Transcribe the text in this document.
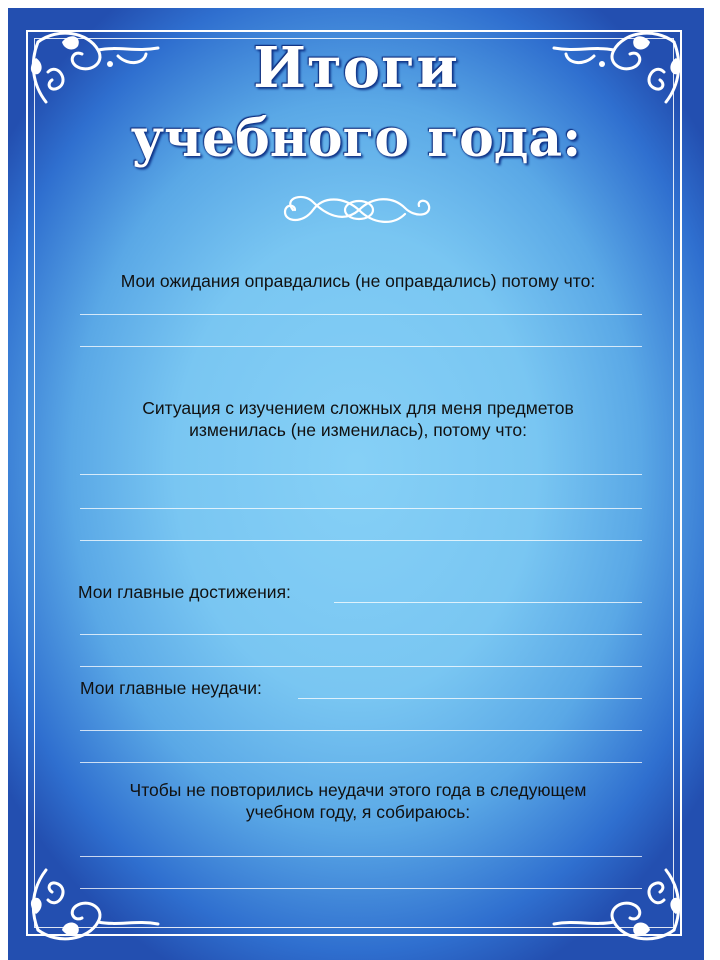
Итоги
учебного года:

Мои ожидания оправдались (не оправдались) потому что:

Ситуация с изучением сложных для меня предметов

изменилась (не изменилась), потому что:

Мои главные достижения:

Мои главные неудачи:

Чтобы не повторились неудачи этого года в следующем

учебном году, я собираюсь:
